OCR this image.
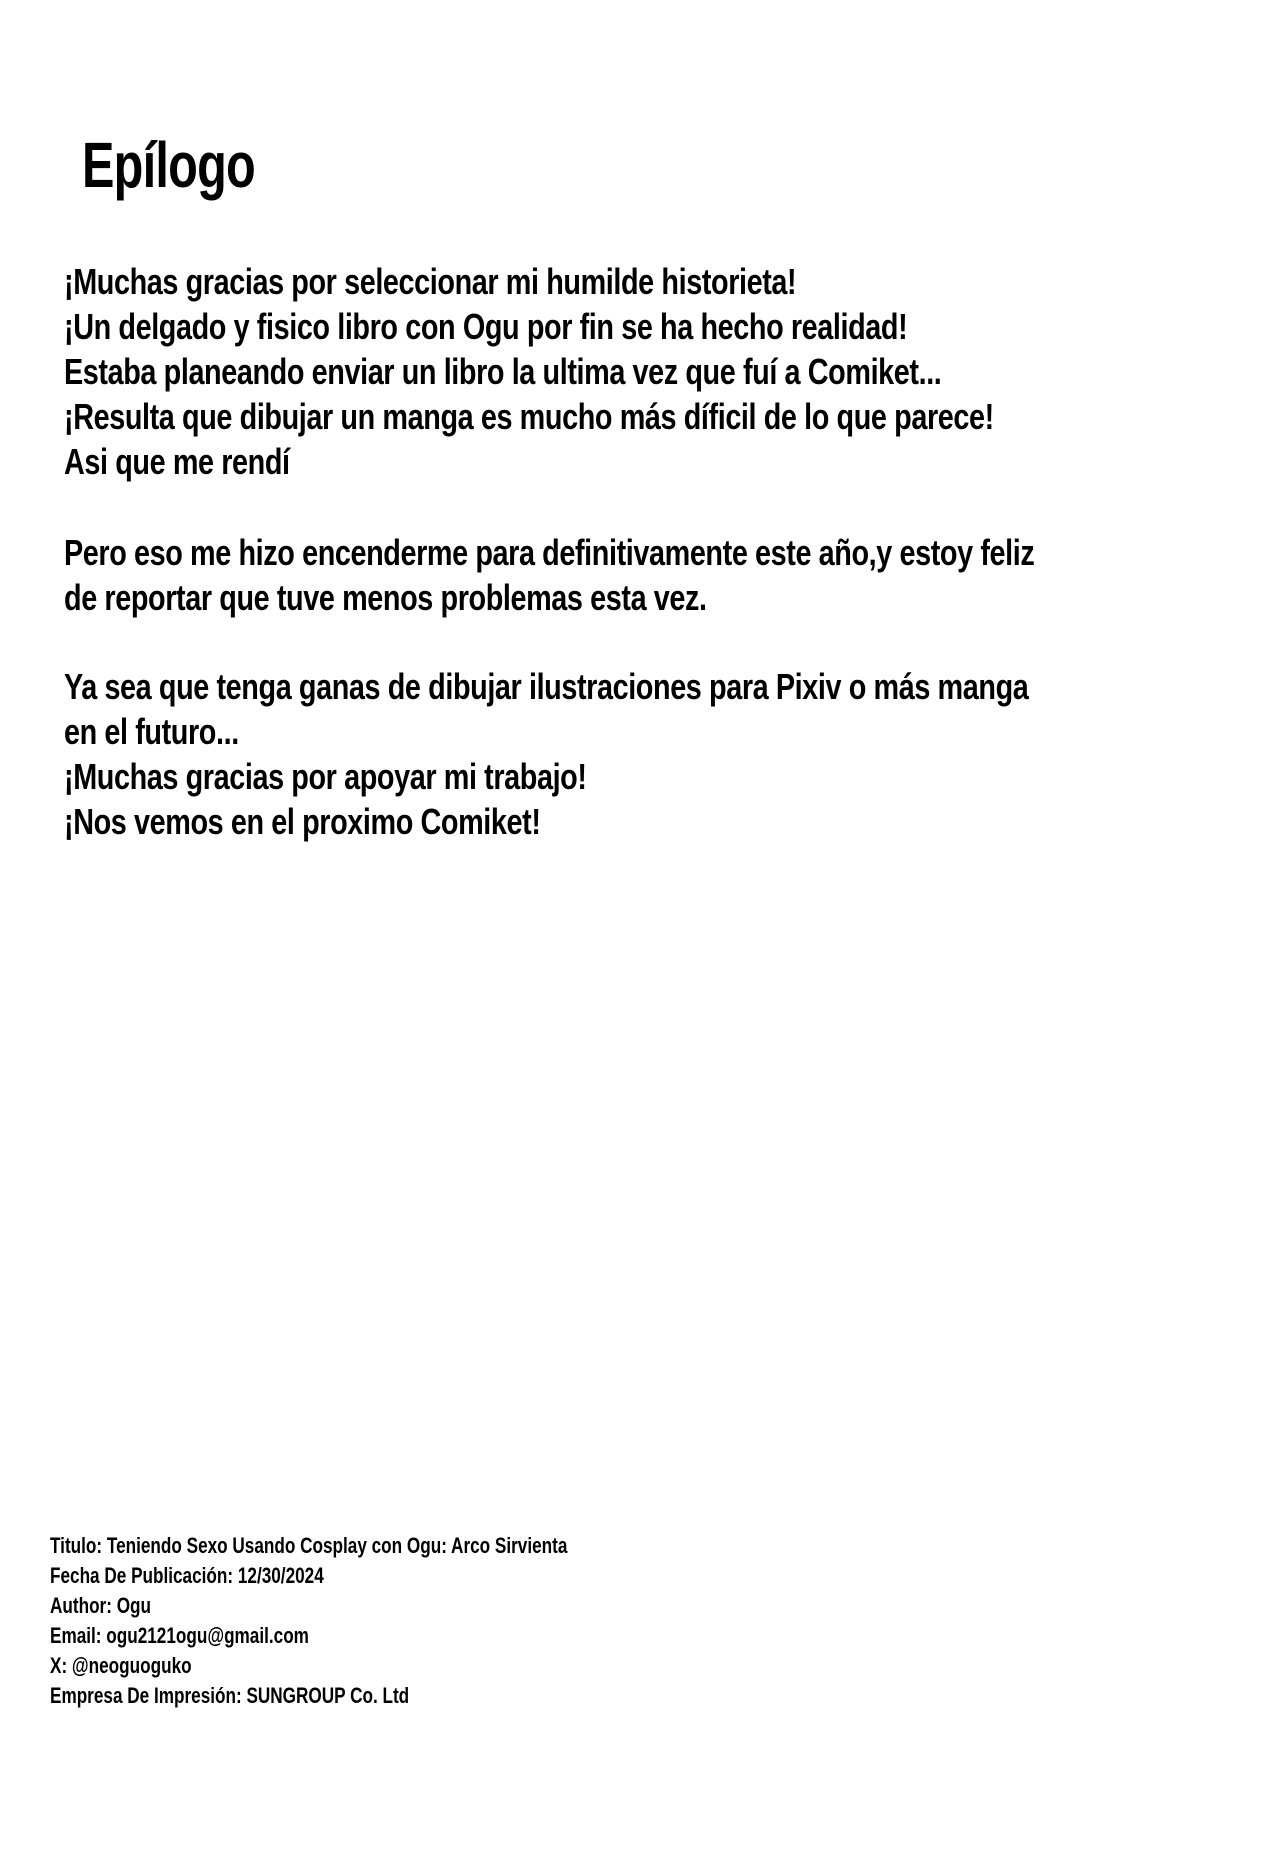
Epílogo
¡Muchas gracias por seleccionar mi humilde historieta!
¡Un delgado y fisico libro con Ogu por fin se ha hecho realidad!
Estaba planeando enviar un libro la ultima vez que fuí a Comiket...
¡Resulta que dibujar un manga es mucho más díficil de lo que parece!
Asi que me rendí
Pero eso me hizo encenderme para definitivamente este año,y estoy feliz
de reportar que tuve menos problemas esta vez.
Ya sea que tenga ganas de dibujar ilustraciones para Pixiv o más manga
en el futuro...
¡Muchas gracias por apoyar mi trabajo!
¡Nos vemos en el proximo Comiket!
Titulo: Teniendo Sexo Usando Cosplay con Ogu: Arco Sirvienta
Fecha De Publicación: 12/30/2024
Author: Ogu
Email: ogu2121ogu@gmail.com
X: @neoguoguko
Empresa De Impresión: SUNGROUP Co. Ltd
